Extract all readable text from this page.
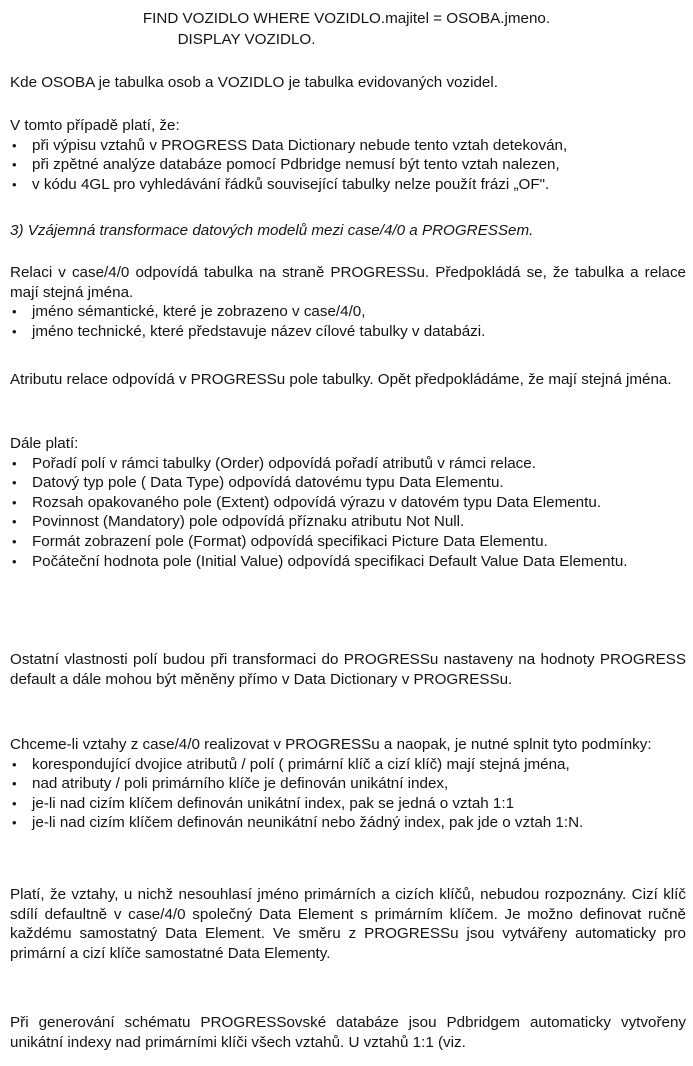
FIND VOZIDLO WHERE VOZIDLO.majitel = OSOBA.jmeno.
DISPLAY VOZIDLO.

Kde OSOBA je tabulka osob a VOZIDLO je tabulka evidovaných vozidel.

V tomto případě platí, že:

• při výpisu vztahů v PROGRESS Data Dictionary nebude tento vztah detekován,
• při zpětné analýze databáze pomocí Pdbridge nemusí být tento vztah nalezen,
• v kódu 4GL pro vyhledávání řádků související tabulky nelze použít frázi „OF".

3) Vzájemná transformace datových modelů mezi case/4/0 a PROGRESSem.

Relaci v case/4/0 odpovídá tabulka na straně PROGRESSu. Předpokládá se, že tabulka a relace mají stejná jména.

• jméno sémantické, které je zobrazeno v case/4/0,
• jméno technické, které představuje název cílové tabulky v databázi.

Atributu relace odpovídá v PROGRESSu pole tabulky. Opět předpokládáme, že mají stejná jména.

Dále platí:

• Pořadí polí v rámci tabulky (Order) odpovídá pořadí atributů v rámci relace.
• Datový typ pole ( Data Type) odpovídá datovému typu Data Elementu.
• Rozsah opakovaného pole (Extent) odpovídá výrazu v datovém typu Data Elementu.
• Povinnost (Mandatory) pole odpovídá příznaku atributu Not Null.
• Formát zobrazení pole (Format) odpovídá specifikaci Picture Data Elementu.
• Počáteční hodnota pole (Initial Value) odpovídá specifikaci Default Value Data Elementu.

Ostatní vlastnosti polí budou při transformaci do PROGRESSu nastaveny na hodnoty PROGRESS default a dále mohou být měněny přímo v Data Dictionary v PROGRESSu.

Chceme-li vztahy z case/4/0 realizovat v PROGRESSu a naopak, je nutné splnit tyto podmínky:

• korespondující dvojice atributů / polí ( primární klíč a cizí klíč) mají stejná jména,
• nad atributy / poli primárního klíče je definován unikátní index,
• je-li nad cizím klíčem definován unikátní index, pak se jedná o vztah 1:1
• je-li nad cizím klíčem definován neunikátní nebo žádný index, pak jde o vztah 1:N.

Platí, že vztahy, u nichž nesouhlasí jméno primárních a cizích klíčů, nebudou rozpoznány. Cizí klíč sdílí defaultně v case/4/0 společný Data Element s primárním klíčem. Je možno definovat ručně každému samostatný Data Element. Ve směru z PROGRESSu jsou vytvářeny automaticky pro primární a cizí klíče samostatné Data Elementy.

Při generování schématu PROGRESSovské databáze jsou Pdbridgem automaticky vytvořeny unikátní indexy nad primárními klíči všech vztahů. U vztahů 1:1 (viz.
